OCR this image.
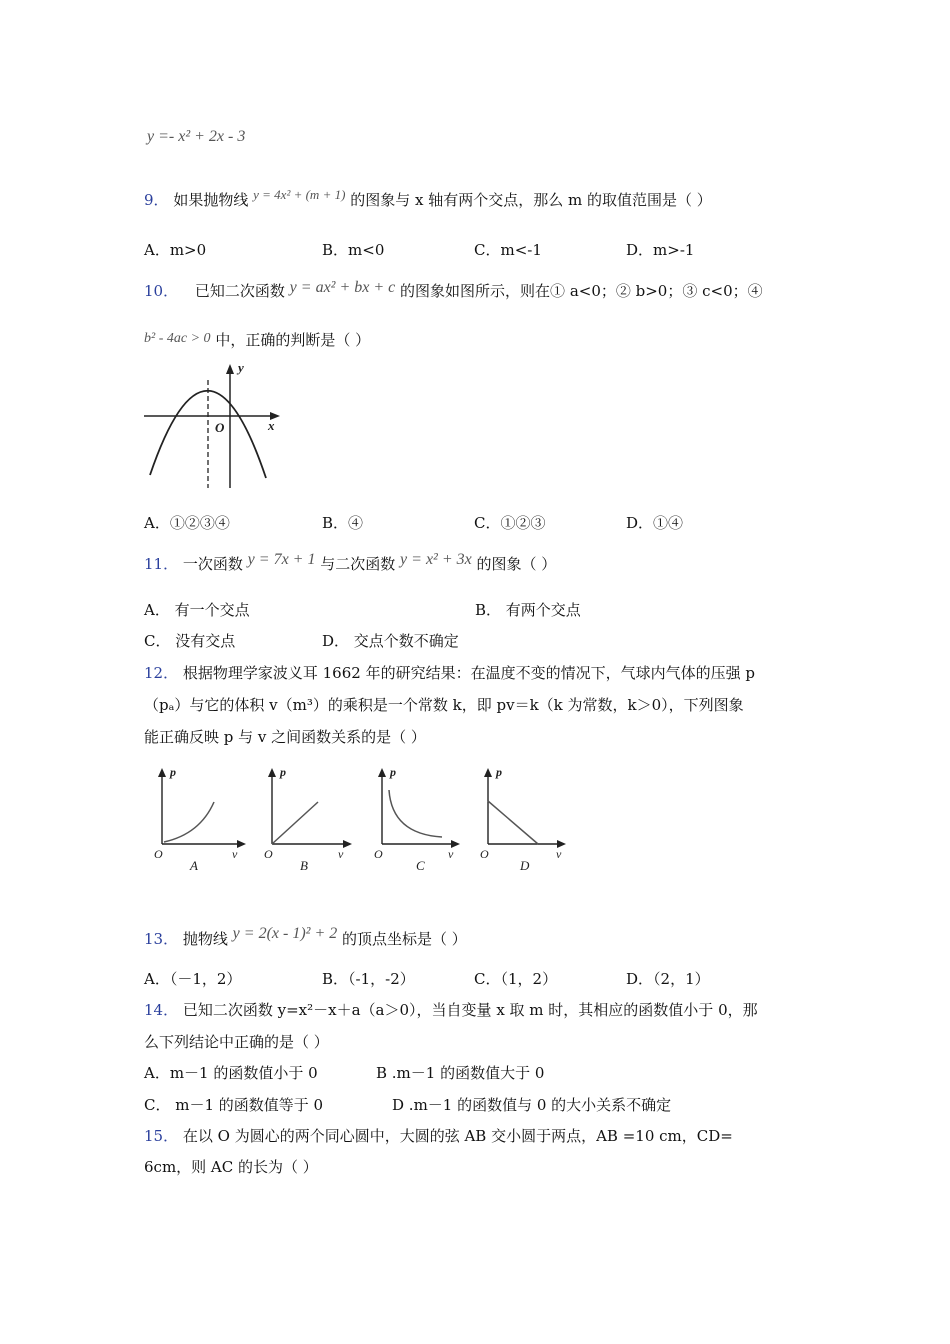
y =- x² + 2x - 3
9． 如果抛物线 y = 4x² + (m + 1) 的图象与 x 轴有两个交点，那么 m 的取值范围是（ ）
A．m>0	B．m<0	C．m<-1	D．m>-1
10． 已知二次函数 y = ax² + bx + c 的图象如图所示，则在① a<0；② b>0；③ c<0；④
b² - 4ac > 0 中，正确的判断是（ ）
y
x
O
A．①②③④	B．④	C．①②③	D．①④
11． 一次函数 y = 7x + 1 与二次函数 y = x² + 3x 的图象（ ）
A． 有一个交点	B． 有两个交点
C． 没有交点	D． 交点个数不确定
12． 根据物理学家波义耳 1662 年的研究结果：在温度不变的情况下，气球内气体的压强 p
（pₐ）与它的体积 v（m³）的乘积是一个常数 k，即 pv＝k（k 为常数，k＞0），下列图象
能正确反映 p 与 v 之间函数关系的是（ ）
p
v
O
A
p
v
O
B
p
v
O
C
p
v
O
D
13． 抛物线 y = 2(x - 1)² + 2 的顶点坐标是（ ）
A．（－1，2）	B．（-1，-2）	C．（1，2）	D．（2，1）
14． 已知二次函数 y=x²－x＋a（a＞0），当自变量 x 取 m 时，其相应的函数值小于 0，那
么下列结论中正确的是（ ）
A．m－1 的函数值小于 0	B .m－1 的函数值大于 0
C． m－1 的函数值等于 0	D .m－1 的函数值与 0 的大小关系不确定
15． 在以 O 为圆心的两个同心圆中，大圆的弦 AB 交小圆于两点，AB =10 cm，CD=
6cm，则 AC 的长为（ ）
